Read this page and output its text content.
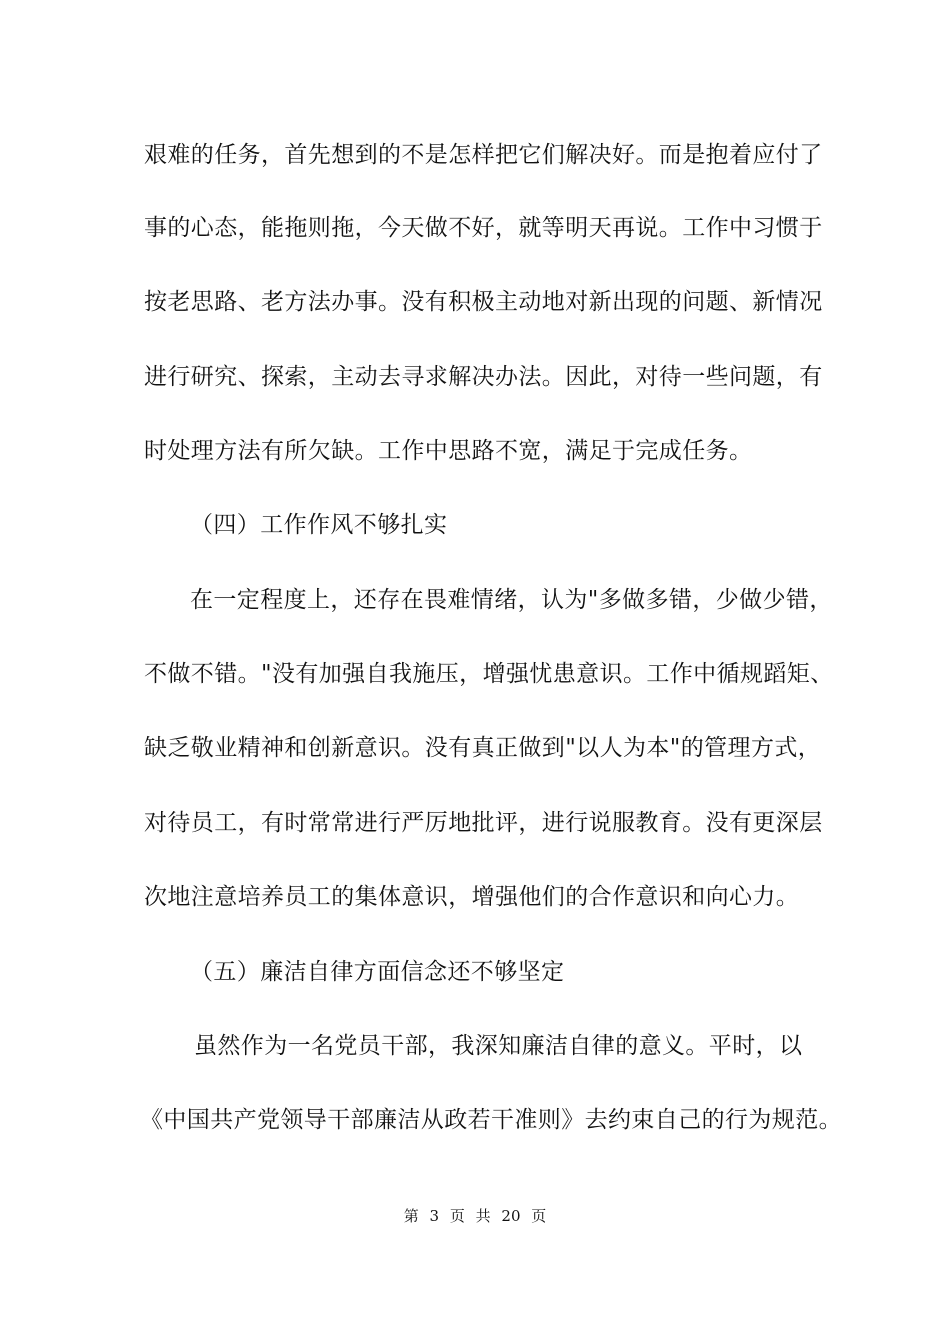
艰难的任务，首先想到的不是怎样把它们解决好。而是抱着应付了
事的心态，能拖则拖，今天做不好，就等明天再说。工作中习惯于
按老思路、老方法办事。没有积极主动地对新出现的问题、新情况
进行研究、探索，主动去寻求解决办法。因此，对待一些问题，有
时处理方法有所欠缺。工作中思路不宽，满足于完成任务。
（四）工作作风不够扎实
在一定程度上，还存在畏难情绪，认为"多做多错，少做少错，
不做不错。"没有加强自我施压，增强忧患意识。工作中循规蹈矩、
缺乏敬业精神和创新意识。没有真正做到"以人为本"的管理方式，
对待员工，有时常常进行严厉地批评，进行说服教育。没有更深层
次地注意培养员工的集体意识，增强他们的合作意识和向心力。
（五）廉洁自律方面信念还不够坚定
虽然作为一名党员干部，我深知廉洁自律的意义。平时，以
《中国共产党领导干部廉洁从政若干准则》去约束自己的行为规范。
第 3 页 共 20 页
